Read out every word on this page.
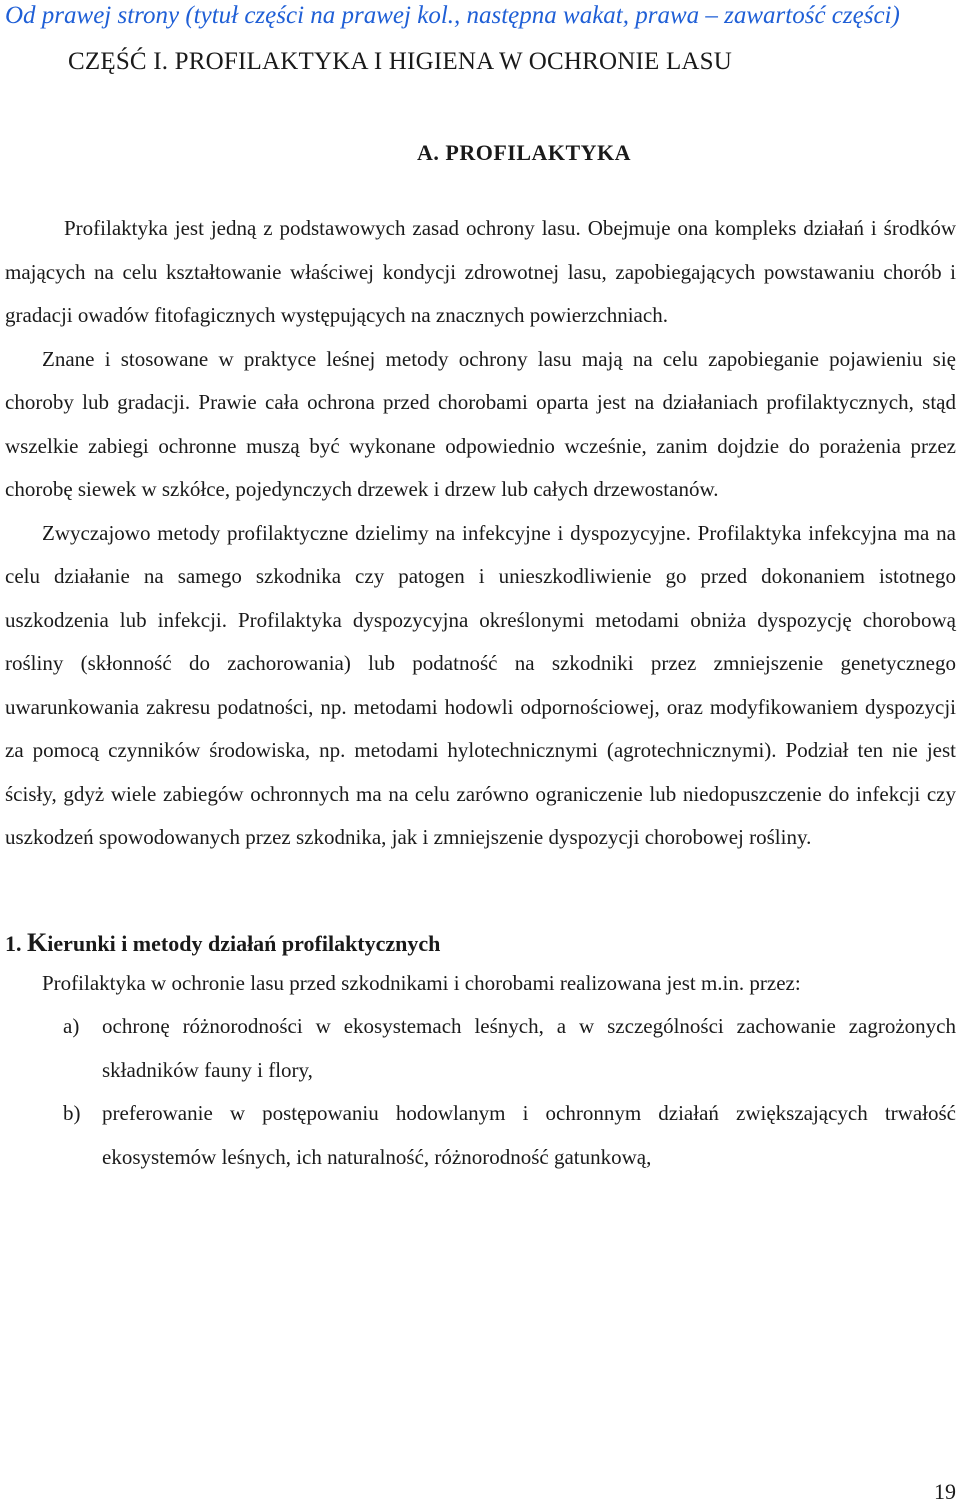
Od prawej strony (tytuł części na prawej kol., następna wakat, prawa – zawartość części)
CZĘŚĆ I. PROFILAKTYKA I HIGIENA W OCHRONIE LASU
A. PROFILAKTYKA

Profilaktyka jest jedną z podstawowych zasad ochrony lasu. Obejmuje ona kompleks działań i środków mających na celu kształtowanie właściwej kondycji zdrowotnej lasu, zapobiegających powstawaniu chorób i gradacji owadów fitofagicznych występujących na znacznych powierzchniach.

Znane i stosowane w praktyce leśnej metody ochrony lasu mają na celu zapobieganie pojawieniu się choroby lub gradacji. Prawie cała ochrona przed chorobami oparta jest na działaniach profilaktycznych, stąd wszelkie zabiegi ochronne muszą być wykonane odpowiednio wcześnie, zanim dojdzie do porażenia przez chorobę siewek w szkółce, pojedynczych drzewek i drzew lub całych drzewostanów.

Zwyczajowo metody profilaktyczne dzielimy na infekcyjne i dyspozycyjne. Profilaktyka infekcyjna ma na celu działanie na samego szkodnika czy patogen i unieszkodliwienie go przed dokonaniem istotnego uszkodzenia lub infekcji. Profilaktyka dyspozycyjna określonymi metodami obniża dyspozycję chorobową rośliny (skłonność do zachorowania) lub podatność na szkodniki przez zmniejszenie genetycznego uwarunkowania zakresu podatności, np. metodami hodowli odpornościowej, oraz modyfikowaniem dyspozycji za pomocą czynników środowiska, np. metodami hylotechnicznymi (agrotechnicznymi). Podział ten nie jest ścisły, gdyż wiele zabiegów ochronnych ma na celu zarówno ograniczenie lub niedopuszczenie do infekcji czy uszkodzeń spowodowanych przez szkodnika, jak i zmniejszenie dyspozycji chorobowej rośliny.

1. Kierunki i metody działań profilaktycznych

Profilaktyka w ochronie lasu przed szkodnikami i chorobami realizowana jest m.in. przez:

a)	ochronę różnorodności w ekosystemach leśnych, a w szczególności zachowanie zagrożonych składników fauny i flory,
b)	preferowanie w postępowaniu hodowlanym i ochronnym działań zwiększających trwałość ekosystemów leśnych, ich naturalność, różnorodność gatunkową,
19
